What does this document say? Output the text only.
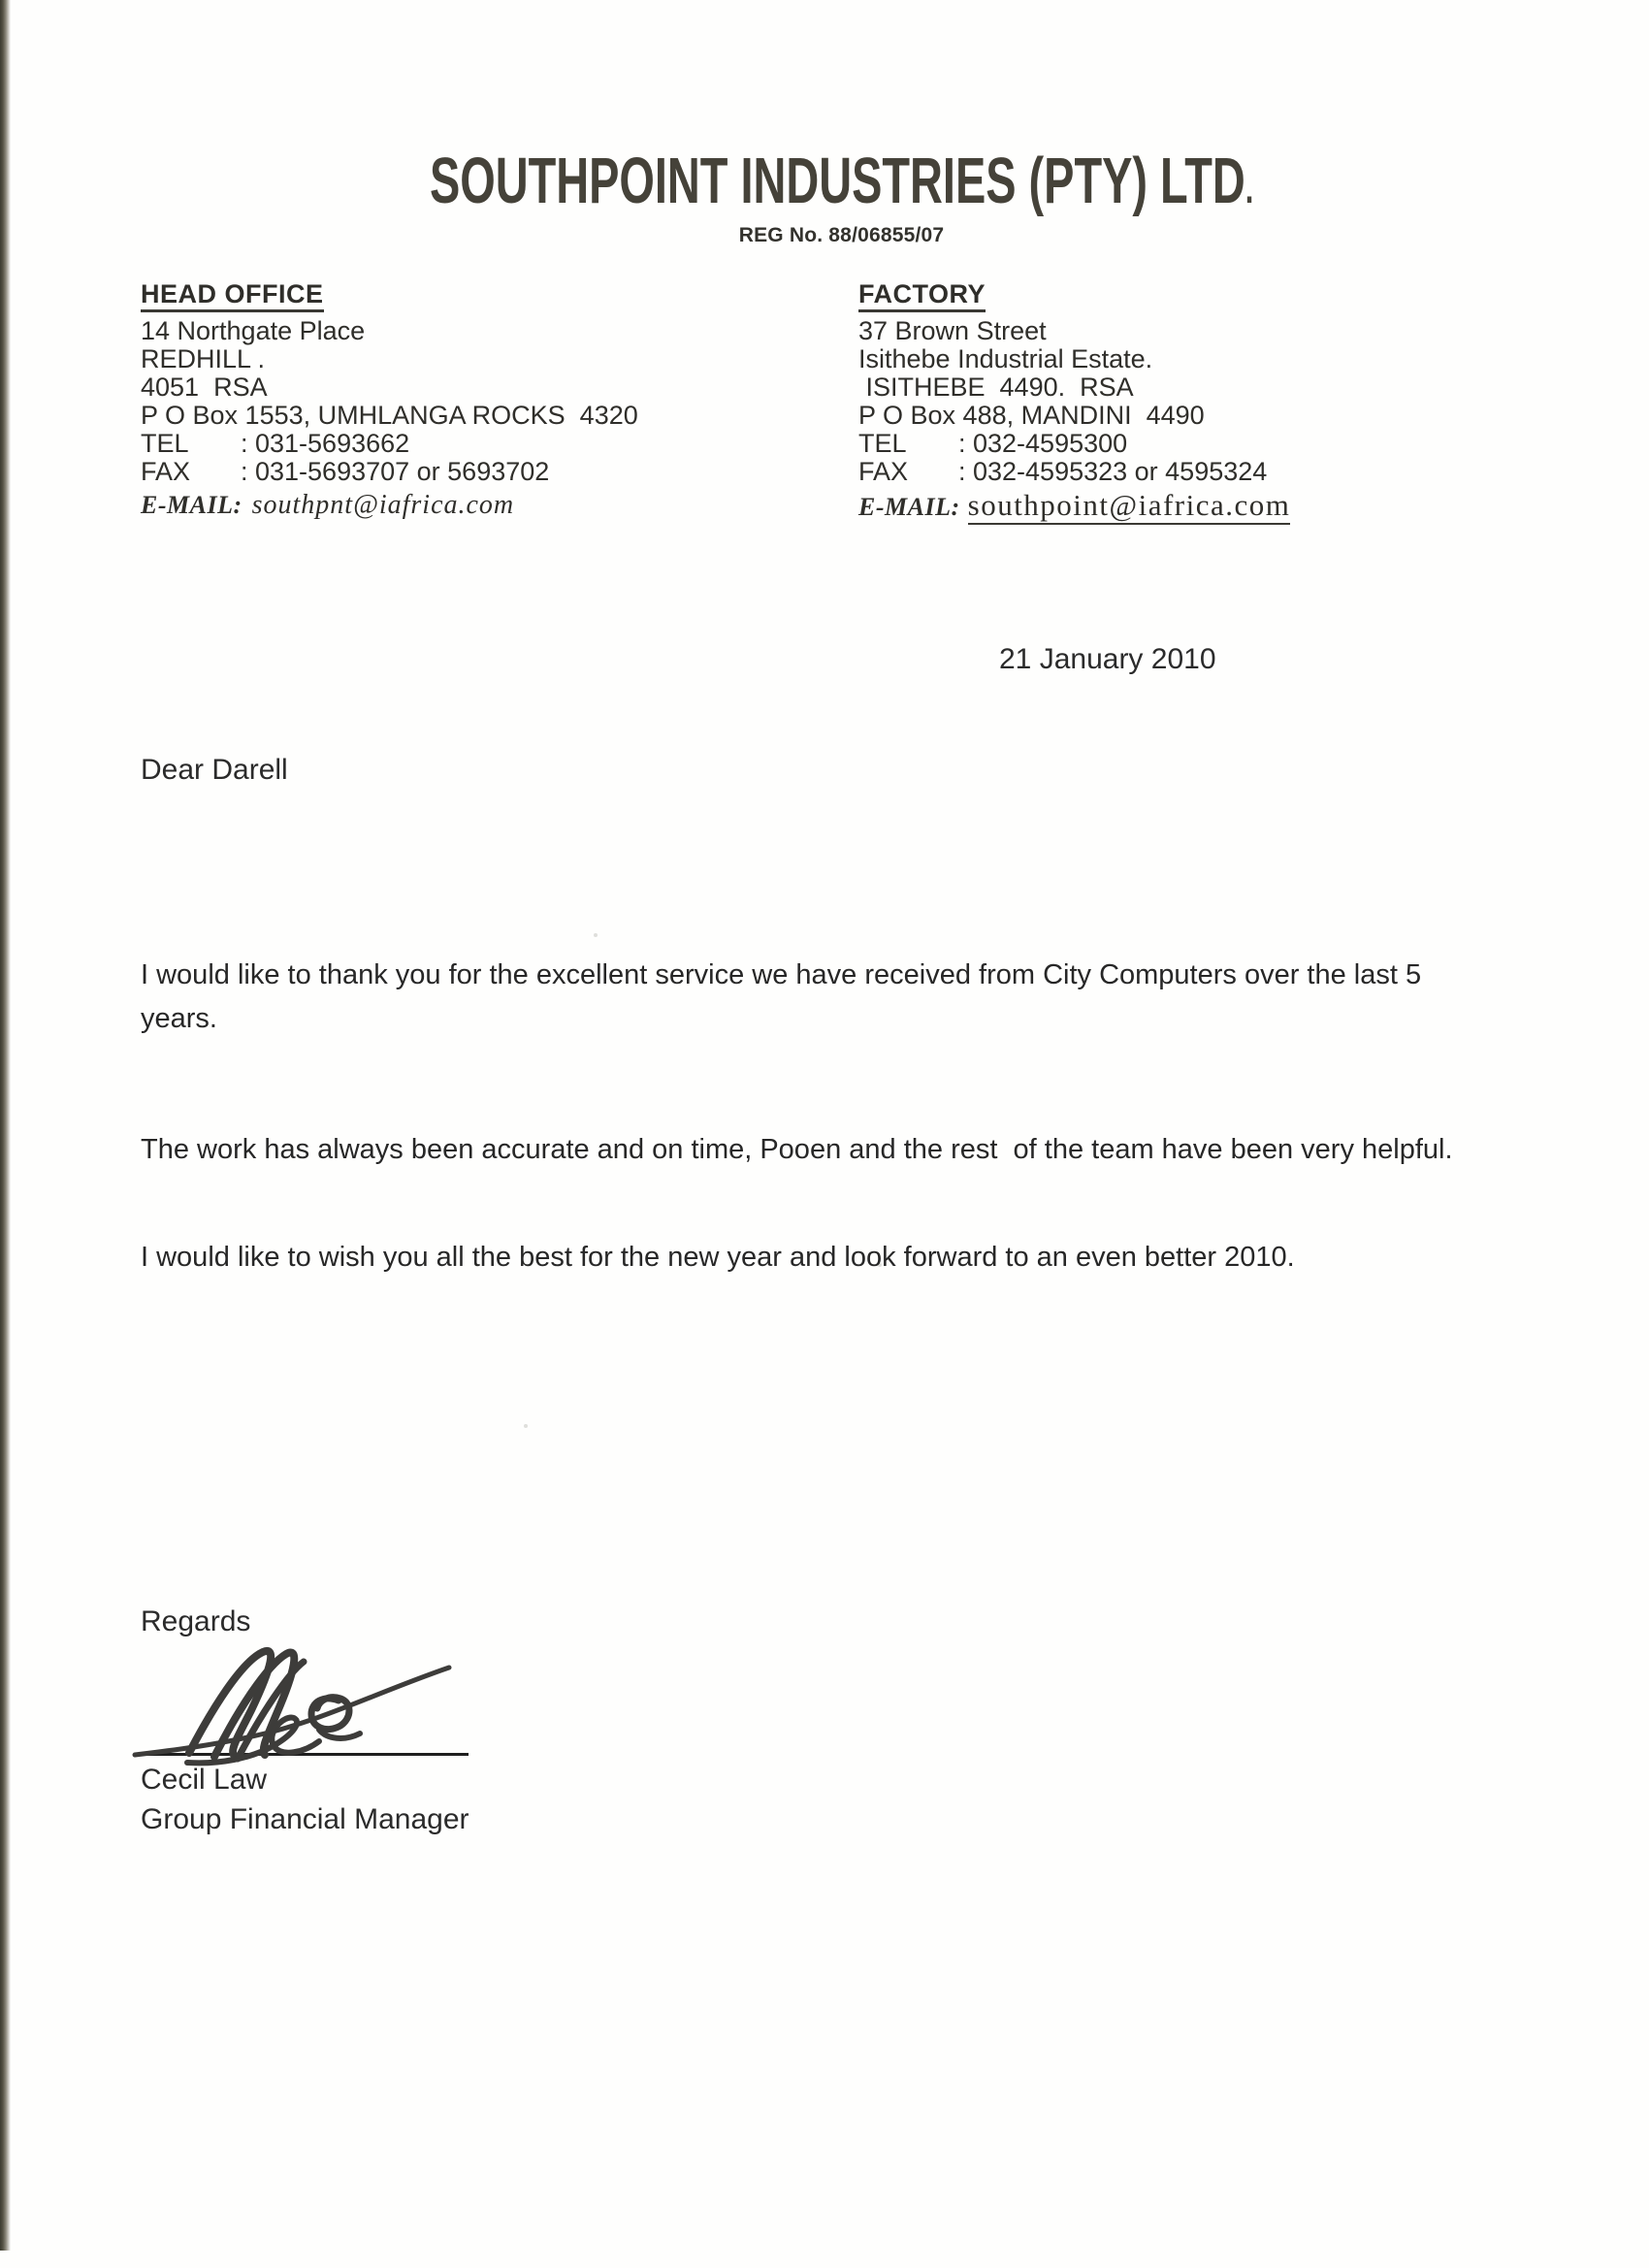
SOUTHPOINT INDUSTRIES (PTY) LTD.
REG No. 88/06855/07
HEAD OFFICE
14 Northgate Place
REDHILL .
4051  RSA
P O Box 1553, UMHLANGA ROCKS  4320
TEL : 031-5693662
FAX : 031-5693707 or 5693702
E-MAIL: southpnt@iafrica.com
FACTORY
37 Brown Street
Isithebe Industrial Estate.
ISITHEBE  4490.  RSA
P O Box 488, MANDINI  4490
TEL : 032-4595300
FAX : 032-4595323 or 4595324
E-MAIL: southpoint@iafrica.com
21 January 2010
Dear Darell

I would like to thank you for the excellent service we have received from City Computers over the last 5 years.

The work has always been accurate and on time, Pooen and the rest  of the team have been very helpful.

I would like to wish you all the best for the new year and look forward to an even better 2010.

Regards
Cecil Law
Group Financial Manager
